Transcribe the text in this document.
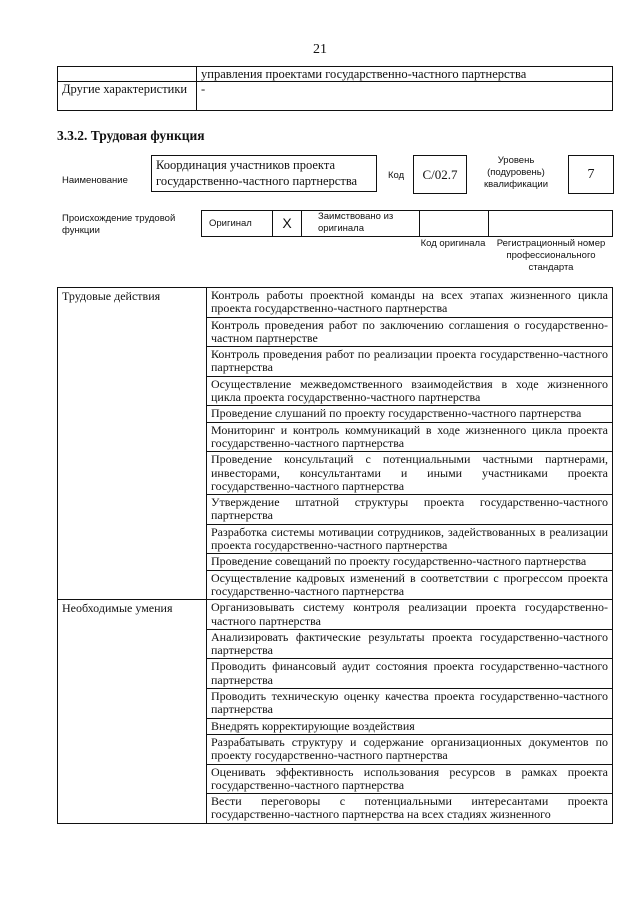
21
	управления проектами государственно-частного партнерства
Другие характеристики	-
3.3.2. Трудовая функция
Наименование
Координация участников проекта государственно-частного партнерства	Код	C/02.7
Уровень (подуровень) квалификации
7
Происхождение трудовой функции
Оригинал	X	Заимствовано из оригинала
Код оригинала	Регистрационный номер профессионального стандарта
Трудовые действия	Контроль работы проектной команды на всех этапах жизненного цикла проекта государственно-частного партнерства
	Контроль проведения работ по заключению соглашения о государственно-частном партнерстве
	Контроль проведения работ по реализации проекта государственно-частного партнерства
	Осуществление межведомственного взаимодействия в ходе жизненного цикла проекта государственно-частного партнерства
	Проведение слушаний по проекту государственно-частного партнерства
	Мониторинг и контроль коммуникаций в ходе жизненного цикла проекта государственно-частного партнерства
	Проведение консультаций с потенциальными частными партнерами, инвесторами, консультантами и иными участниками проекта государственно-частного партнерства
	Утверждение штатной структуры проекта государственно-частного партнерства
	Разработка системы мотивации сотрудников, задействованных в реализации проекта государственно-частного партнерства
	Проведение совещаний по проекту государственно-частного партнерства
	Осуществление кадровых изменений в соответствии с прогрессом проекта государственно-частного партнерства
Необходимые умения	Организовывать систему контроля реализации проекта государственно-частного партнерства
	Анализировать фактические результаты проекта государственно-частного партнерства
	Проводить финансовый аудит состояния проекта государственно-частного партнерства
	Проводить техническую оценку качества проекта государственно-частного партнерства
	Внедрять корректирующие воздействия
	Разрабатывать структуру и содержание организационных документов по проекту государственно-частного партнерства
	Оценивать эффективность использования ресурсов в рамках проекта государственно-частного партнерства
	Вести переговоры с потенциальными интересантами проекта государственно-частного партнерства на всех стадиях жизненного
